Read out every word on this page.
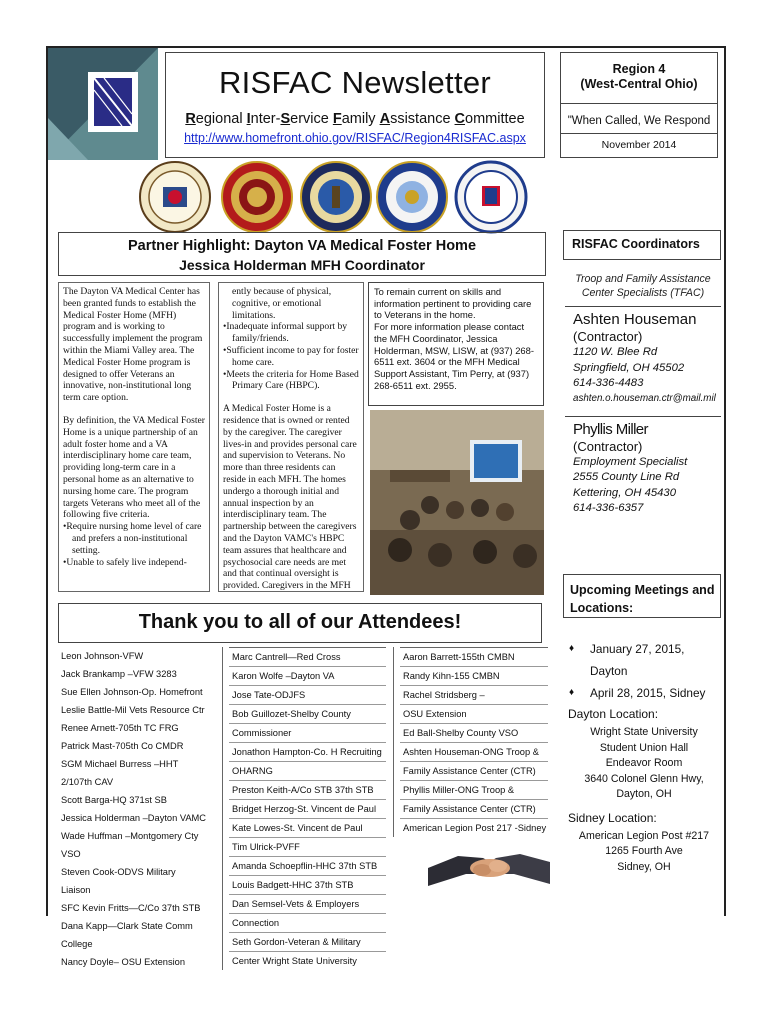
RISFAC Newsletter
Regional Inter-Service Family Assistance Committee
http://www.homefront.ohio.gov/RISFAC/Region4RISFAC.aspx
Region 4
(West-Central Ohio)
"When Called, We Respond
November 2014
Partner Highlight: Dayton VA Medical Foster Home
Jessica Holderman MFH Coordinator

The Dayton VA Medical Center has been granted funds to establish the Medical Foster Home (MFH) program and is working to successfully implement the program within the Miami Valley area. The Medical Foster Home program is designed to offer Veterans an innovative, non-institutional long term care option.

By definition, the VA Medical Foster Home is a unique partnership of an adult foster home and a VA interdisciplinary home care team, providing long-term care in a personal home as an alternative to nursing home care. The program targets Veterans who meet all of the following five criteria.

•Require nursing home level of care and prefers a non-institutional setting.
•Unable to safely live independ-
ently because of physical, cognitive, or emotional limitations.
•Inadequate informal support by family/friends.
•Sufficient income to pay for foster home care.
•Meets the criteria for Home Based Primary Care (HBPC).

A Medical Foster Home is a residence that is owned or rented by the caregiver. The caregiver lives-in and provides personal care and supervision to Veterans. No more than three residents can reside in each MFH. The homes undergo a thorough initial and annual inspection by an interdisciplinary team. The partnership between the caregivers and the Dayton VAMC's HBPC team assures that healthcare and psychosocial care needs are met and that continual oversight is provided. Caregivers in the MFH

To remain current on skills and information pertinent to providing care to Veterans in the home.
For more information please contact the MFH Coordinator, Jessica Holderman, MSW, LISW, at (937) 268-6511 ext. 3604 or the MFH Medical Support Assistant, Tim Perry, at (937) 268-6511 ext. 2955.
RISFAC Coordinators
Troop and Family Assistance Center Specialists (TFAC)
Ashten Houseman
(Contractor)
1120 W. Blee Rd
Springfield, OH 45502
614-336-4483
ashten.o.houseman.ctr@mail.mil
Phyllis Miller
(Contractor)
Employment Specialist
2555 County Line Rd
Kettering, OH 45430
614-336-6357
Upcoming Meetings and Locations:
♦ January 27, 2015, Dayton
♦ April 28, 2015, Sidney
Dayton Location:
Wright State University
Student Union Hall
Endeavor Room
3640 Colonel Glenn Hwy,
Dayton, OH
Sidney Location:
American Legion Post #217
1265 Fourth Ave
Sidney, OH
Thank you to all of our Attendees!
Leon Johnson-VFW
Jack Brankamp –VFW 3283
Sue Ellen Johnson-Op. Homefront
Leslie Battle-Mil Vets Resource Ctr
Renee Arnett-705th TC FRG
Patrick Mast-705th Co CMDR
SGM Michael Burress –HHT
2/107th CAV
Scott Barga-HQ 371st SB
Jessica Holderman –Dayton VAMC
Wade Huffman –Montgomery Cty
VSO
Steven Cook-ODVS Military
Liaison
SFC Kevin Fritts—C/Co 37th STB
Dana Kapp—Clark State Comm
College
Nancy Doyle– OSU Extension
Marc Cantrell—Red Cross
Karon Wolfe –Dayton VA
Jose Tate-ODJFS
Bob Guillozet-Shelby County
Commissioner
Jonathon Hampton-Co. H Recruiting
OHARNG
Preston Keith-A/Co STB 37th STB
Bridget Herzog-St. Vincent de Paul
Kate Lowes-St. Vincent de Paul
Tim Ulrick-PVFF
Amanda Schoepflin-HHC 37th STB
Louis Badgett-HHC 37th STB
Dan Semsel-Vets & Employers
Connection
Seth Gordon-Veteran & Military
Center Wright State University
Aaron Barrett-155th CMBN
Randy Kihn-155 CMBN
Rachel Stridsberg –
OSU Extension
Ed Ball-Shelby County VSO
Ashten Houseman-ONG Troop &
Family Assistance Center (CTR)
Phyllis Miller-ONG Troop &
Family Assistance Center (CTR)
American Legion Post 217 -Sidney
